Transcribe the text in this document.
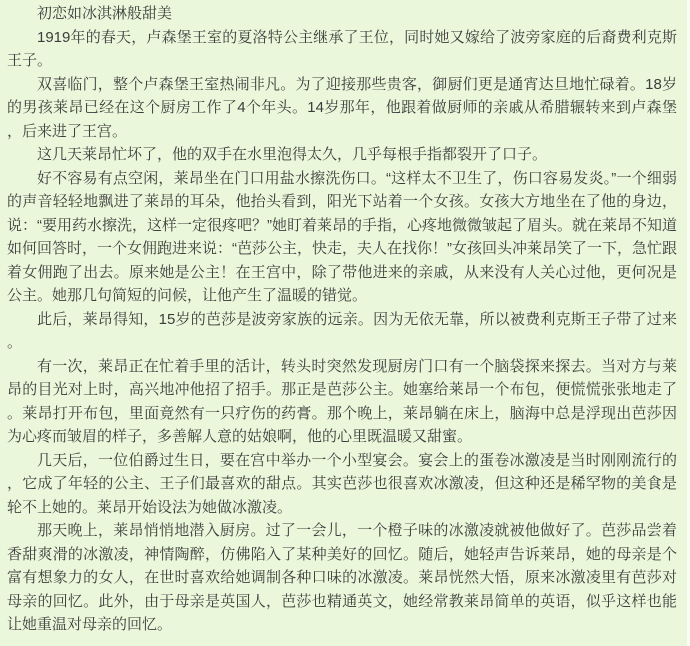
初恋如冰淇淋般甜美

1919年的春天，卢森堡王室的夏洛特公主继承了王位，同时她又嫁给了波旁家庭的后裔费利克斯王子。

双喜临门，整个卢森堡王室热闹非凡。为了迎接那些贵客，御厨们更是通宵达旦地忙碌着。18岁的男孩莱昂已经在这个厨房工作了4个年头。14岁那年，他跟着做厨师的亲戚从希腊辗转来到卢森堡，后来进了王宫。

这几天莱昂忙坏了，他的双手在水里泡得太久，几乎每根手指都裂开了口子。

好不容易有点空闲，莱昂坐在门口用盐水擦洗伤口。“这样太不卫生了，伤口容易发炎。”一个细弱的声音轻轻地飘进了莱昂的耳朵，他抬头看到，阳光下站着一个女孩。女孩大方地坐在了他的身边，说：“要用药水擦洗，这样一定很疼吧？”她盯着莱昂的手指，心疼地微微皱起了眉头。就在莱昂不知道如何回答时，一个女佣跑进来说：“芭莎公主，快走，夫人在找你！”女孩回头冲莱昂笑了一下，急忙跟着女佣跑了出去。原来她是公主！在王宫中，除了带他进来的亲戚，从来没有人关心过他，更何况是公主。她那几句简短的问候，让他产生了温暖的错觉。

此后，莱昂得知，15岁的芭莎是波旁家族的远亲。因为无依无靠，所以被费利克斯王子带了过来。

有一次，莱昂正在忙着手里的活计，转头时突然发现厨房门口有一个脑袋探来探去。当对方与莱昂的目光对上时，高兴地冲他招了招手。那正是芭莎公主。她塞给莱昂一个布包，便慌慌张张地走了。莱昂打开布包，里面竟然有一只疗伤的药膏。那个晚上，莱昂躺在床上，脑海中总是浮现出芭莎因为心疼而皱眉的样子，多善解人意的姑娘啊，他的心里既温暖又甜蜜。

几天后，一位伯爵过生日，要在宫中举办一个小型宴会。宴会上的蛋卷冰激凌是当时刚刚流行的，它成了年轻的公主、王子们最喜欢的甜点。其实芭莎也很喜欢冰激凌，但这种还是稀罕物的美食是轮不上她的。莱昂开始设法为她做冰激凌。

那天晚上，莱昂悄悄地潜入厨房。过了一会儿，一个橙子味的冰激凌就被他做好了。芭莎品尝着香甜爽滑的冰激凌，神情陶醉，仿佛陷入了某种美好的回忆。随后，她轻声告诉莱昂，她的母亲是个富有想象力的女人，在世时喜欢给她调制各种口味的冰激凌。莱昂恍然大悟，原来冰激凌里有芭莎对母亲的回忆。此外，由于母亲是英国人，芭莎也精通英文，她经常教莱昂简单的英语，似乎这样也能让她重温对母亲的回忆。
